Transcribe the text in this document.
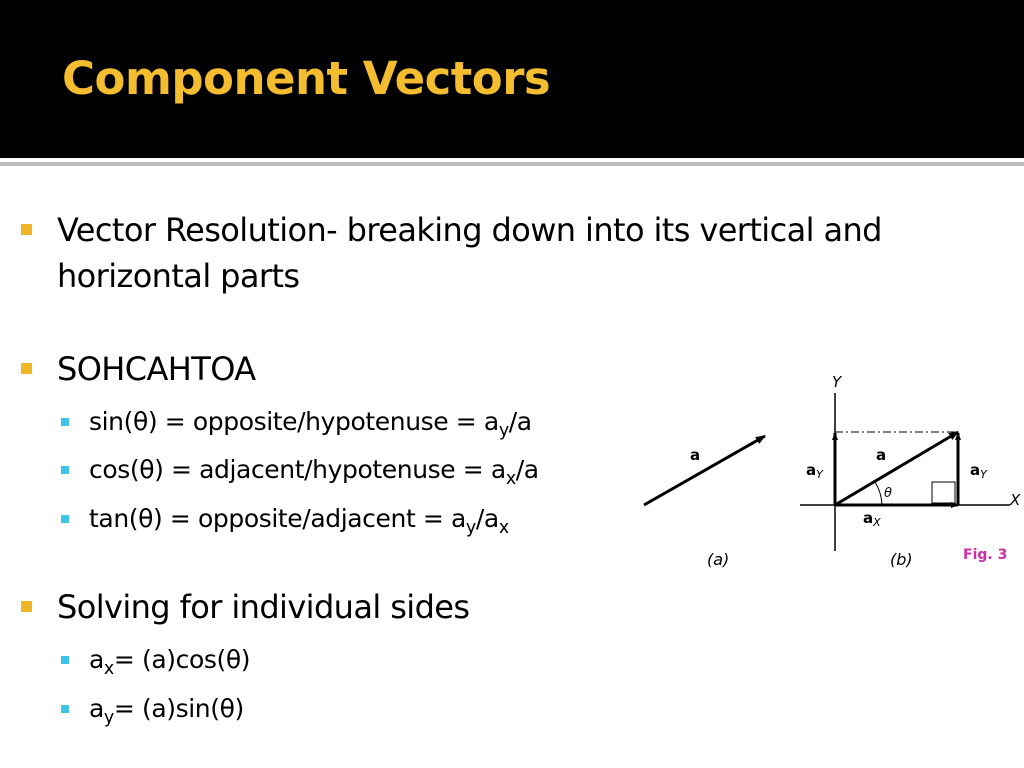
Component Vectors
Vector Resolution- breaking down into its vertical and
horizontal parts
SOHCAHTOA
sin(θ) = opposite/hypotenuse = $a_y/a$
cos(θ) = adjacent/hypotenuse = $a_x/a$
tan(θ) = opposite/adjacent = $a_y/a_x$
Solving for individual sides
$a_x= (a)\cos(\theta)$
$a_y= (a)\sin(\theta)$
a
(a)
Y
X
θ
a
$a_Y$	$a_Y$
$a_X$
(b)	Fig. 3
